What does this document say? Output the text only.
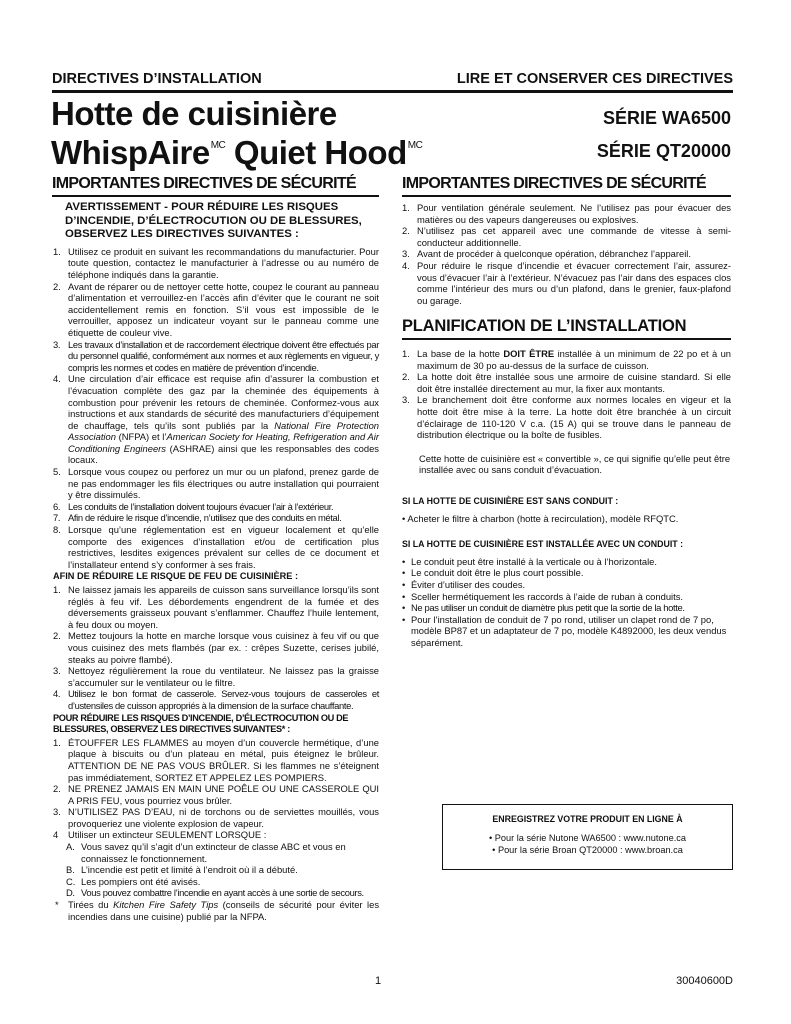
DIRECTIVES D’INSTALLATION	LIRE ET CONSERVER CES DIRECTIVES
Hotte de cuisinière
WhispAire$^{MC}$ Quiet Hood$^{MC}$
SÉRIE WA6500
SÉRIE QT20000
IMPORTANTES DIRECTIVES DE SÉCURITÉ
AVERTISSEMENT - POUR RÉDUIRE LES RISQUES D’INCENDIE, D’ÉLECTROCUTION OU DE BLESSURES, OBSERVEZ LES DIRECTIVES SUIVANTES :
1. Utilisez ce produit en suivant les recommandations du manufacturier. Pour toute question, contactez le manufacturier à l’adresse ou au numéro de téléphone indiqués dans la garantie.
2. Avant de réparer ou de nettoyer cette hotte, coupez le courant au panneau d’alimentation et verrouillez-en l’accès afin d’éviter que le courant ne soit accidentellement remis en fonction. S’il vous est impossible de le verrouiller, apposez un indicateur voyant sur le panneau comme une étiquette de couleur vive.
3. Les travaux d’installation et de raccordement électrique doivent être effectués par du personnel qualifié, conformément aux normes et aux règlements en vigueur, y compris les normes et codes en matière de prévention d’incendie.
4. Une circulation d’air efficace est requise afin d’assurer la combustion et l’évacuation complète des gaz par la cheminée des équipements à combustion pour prévenir les retours de cheminée. Conformez-vous aux instructions et aux standards de sécurité des manufacturiers d’équipement de chauffage, tels qu’ils sont publiés par la National Fire Protection Association (NFPA) et l’American Society for Heating, Refrigeration and Air Conditioning Engineers (ASHRAE) ainsi que les responsables des codes locaux.
5. Lorsque vous coupez ou perforez un mur ou un plafond, prenez garde de ne pas endommager les fils électriques ou autre installation qui pourraient y être dissimulés.
6. Les conduits de l’installation doivent toujours évacuer l’air à l’extérieur.
7. Afin de réduire le risque d’incendie, n’utilisez que des conduits en métal.
8. Lorsque qu’une réglementation est en vigueur localement et qu’elle comporte des exigences d’installation et/ou de certification plus restrictives, lesdites exigences prévalent sur celles de ce document et l’installateur entend s’y conformer à ses frais.
AFIN DE RÉDUIRE LE RISQUE DE FEU DE CUISINIÈRE :
1. Ne laissez jamais les appareils de cuisson sans surveillance lorsqu’ils sont réglés à feu vif. Les débordements engendrent de la fumée et des déversements graisseux pouvant s’enflammer. Chauffez l’huile lentement, à feu doux ou moyen.
2. Mettez toujours la hotte en marche lorsque vous cuisinez à feu vif ou que vous cuisinez des mets flambés (par ex. : crêpes Suzette, cerises jubilé, steaks au poivre flambé).
3. Nettoyez régulièrement la roue du ventilateur. Ne laissez pas la graisse s’accumuler sur le ventilateur ou le filtre.
4. Utilisez le bon format de casserole. Servez-vous toujours de casseroles et d’ustensiles de cuisson appropriés à la dimension de la surface chauffante.
POUR RÉDUIRE LES RISQUES D’INCENDIE, D’ÉLECTROCUTION OU DE BLESSURES, OBSERVEZ LES DIRECTIVES SUIVANTES* :
1. ÉTOUFFER LES FLAMMES au moyen d’un couvercle hermétique, d’une plaque à biscuits ou d’un plateau en métal, puis éteignez le brûleur. ATTENTION DE NE PAS VOUS BRÛLER. Si les flammes ne s’éteignent pas immédiatement, SORTEZ ET APPELEZ LES POMPIERS.
2. NE PRENEZ JAMAIS EN MAIN UNE POÊLE OU UNE CASSEROLE QUI A PRIS FEU, vous pourriez vous brûler.
3. N’UTILISEZ PAS D’EAU, ni de torchons ou de serviettes mouillés, vous provoqueriez une violente explosion de vapeur.
4 Utiliser un extincteur SEULEMENT LORSQUE :
A. Vous savez qu’il s’agit d’un extincteur de classe ABC et vous en connaissez le fonctionnement.
B. L’incendie est petit et limité à l’endroit où il a débuté.
C. Les pompiers ont été avisés.
D. Vous pouvez combattre l’incendie en ayant accès à une sortie de secours.
* Tirées du Kitchen Fire Safety Tips (conseils de sécurité pour éviter les incendies dans une cuisine) publié par la NFPA.
IMPORTANTES DIRECTIVES DE SÉCURITÉ
1. Pour ventilation générale seulement. Ne l’utilisez pas pour évacuer des matières ou des vapeurs dangereuses ou explosives.
2. N’utilisez pas cet appareil avec une commande de vitesse à semi-conducteur additionnelle.
3. Avant de procéder à quelconque opération, débranchez l’appareil.
4. Pour réduire le risque d’incendie et évacuer correctement l’air, assurez-vous d’évacuer l’air à l’extérieur. N’évacuez pas l’air dans des espaces clos comme l’intérieur des murs ou d’un plafond, dans le grenier, faux-plafond ou garage.
PLANIFICATION DE L’INSTALLATION
1. La base de la hotte DOIT ÊTRE installée à un minimum de 22 po et à un maximum de 30 po au-dessus de la surface de cuisson.
2. La hotte doit être installée sous une armoire de cuisine standard. Si elle doit être installée directement au mur, la fixer aux montants.
3. Le branchement doit être conforme aux normes locales en vigeur et la hotte doit être mise à la terre. La hotte doit être branchée à un circuit d’éclairage de 110-120 V c.a. (15 A) qui se trouve dans le panneau de distribution électrique ou la boîte de fusibles.
Cette hotte de cuisinière est « convertible », ce qui signifie qu’elle peut être installée avec ou sans conduit d’évacuation.
SI LA HOTTE DE CUISINIÈRE EST SANS CONDUIT :
• Acheter le filtre à charbon (hotte à recirculation), modèle RFQTC.
SI LA HOTTE DE CUISINIÈRE EST INSTALLÉE AVEC UN CONDUIT :
• Le conduit peut être installé à la verticale ou à l’horizontale.
• Le conduit doit être le plus court possible.
• Éviter d’utiliser des coudes.
• Sceller hermétiquement les raccords à l’aide de ruban à conduits.
• Ne pas utiliser un conduit de diamètre plus petit que la sortie de la hotte.
• Pour l’installation de conduit de 7 po rond, utiliser un clapet rond de 7 po, modèle BP87 et un adaptateur de 7 po, modèle K4892000, les deux vendus séparément.
ENREGISTREZ VOTRE PRODUIT EN LIGNE À
• Pour la série Nutone WA6500 : www.nutone.ca
• Pour la série Broan QT20000 : www.broan.ca
1	30040600D
